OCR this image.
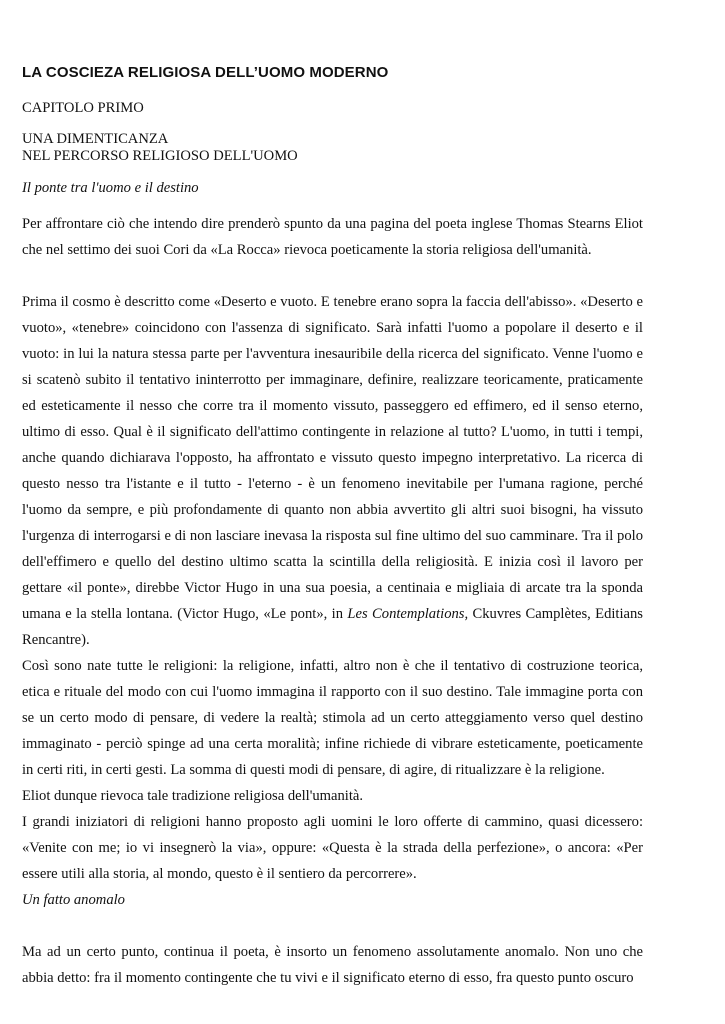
LA COSCIEZA RELIGIOSA DELL’UOMO MODERNO
CAPITOLO PRIMO
UNA DIMENTICANZA
NEL PERCORSO RELIGIOSO DELL'UOMO
Il ponte tra l'uomo e il destino

Per affrontare ciò che intendo dire prenderò spunto da una pagina del poeta inglese Thomas Stearns Eliot che nel settimo dei suoi Cori da «La Rocca» rievoca poeticamente la storia religiosa dell'umanità.

Prima il cosmo è descritto come «Deserto e vuoto. E tenebre erano sopra la faccia dell'abisso». «Deserto e vuoto», «tenebre» coincidono con l'assenza di significato. Sarà infatti l'uomo a popolare il deserto e il vuoto: in lui la natura stessa parte per l'avventura inesauribile della ricerca del significato. Venne l'uomo e si scatenò subito il tentativo ininterrotto per immaginare, definire, realizzare teoricamente, praticamente ed esteticamente il nesso che corre tra il momento vissuto, passeggero ed effimero, ed il senso eterno, ultimo di esso. Qual è il significato dell'attimo contingente in relazione al tutto? L'uomo, in tutti i tempi, anche quando dichiarava l'opposto, ha affrontato e vissuto questo impegno interpretativo. La ricerca di questo nesso tra l'istante e il tutto - l'eterno - è un fenomeno inevitabile per l'umana ragione, perché l'uomo da sempre, e più profondamente di quanto non abbia avvertito gli altri suoi bisogni, ha vissuto l'urgenza di interrogarsi e di non lasciare inevasa la risposta sul fine ultimo del suo camminare. Tra il polo dell'effimero e quello del destino ultimo scatta la scintilla della religiosità. E inizia così il lavoro per gettare «il ponte», direbbe Victor Hugo in una sua poesia, a centinaia e migliaia di arcate tra la sponda umana e la stella lontana. (Victor Hugo, «Le pont», in Les Contemplations, Ckuvres Camplètes, Editians Rencantre).

Così sono nate tutte le religioni: la religione, infatti, altro non è che il tentativo di costruzione teorica, etica e rituale del modo con cui l'uomo immagina il rapporto con il suo destino. Tale immagine porta con se un certo modo di pensare, di vedere la realtà; stimola ad un certo atteggiamento verso quel destino immaginato - perciò spinge ad una certa moralità; infine richiede di vibrare esteticamente, poeticamente in certi riti, in certi gesti. La somma di questi modi di pensare, di agire, di ritualizzare è la religione.

Eliot dunque rievoca tale tradizione religiosa dell'umanità.

I grandi iniziatori di religioni hanno proposto agli uomini le loro offerte di cammino, quasi dicessero: «Venite con me; io vi insegnerò la via», oppure: «Questa è la strada della perfezione», o ancora: «Per essere utili alla storia, al mondo, questo è il sentiero da percorrere».

Un fatto anomalo

Ma ad un certo punto, continua il poeta, è insorto un fenomeno assolutamente anomalo. Non uno che abbia detto: fra il momento contingente che tu vivi e il significato eterno di esso, fra questo punto oscuro
